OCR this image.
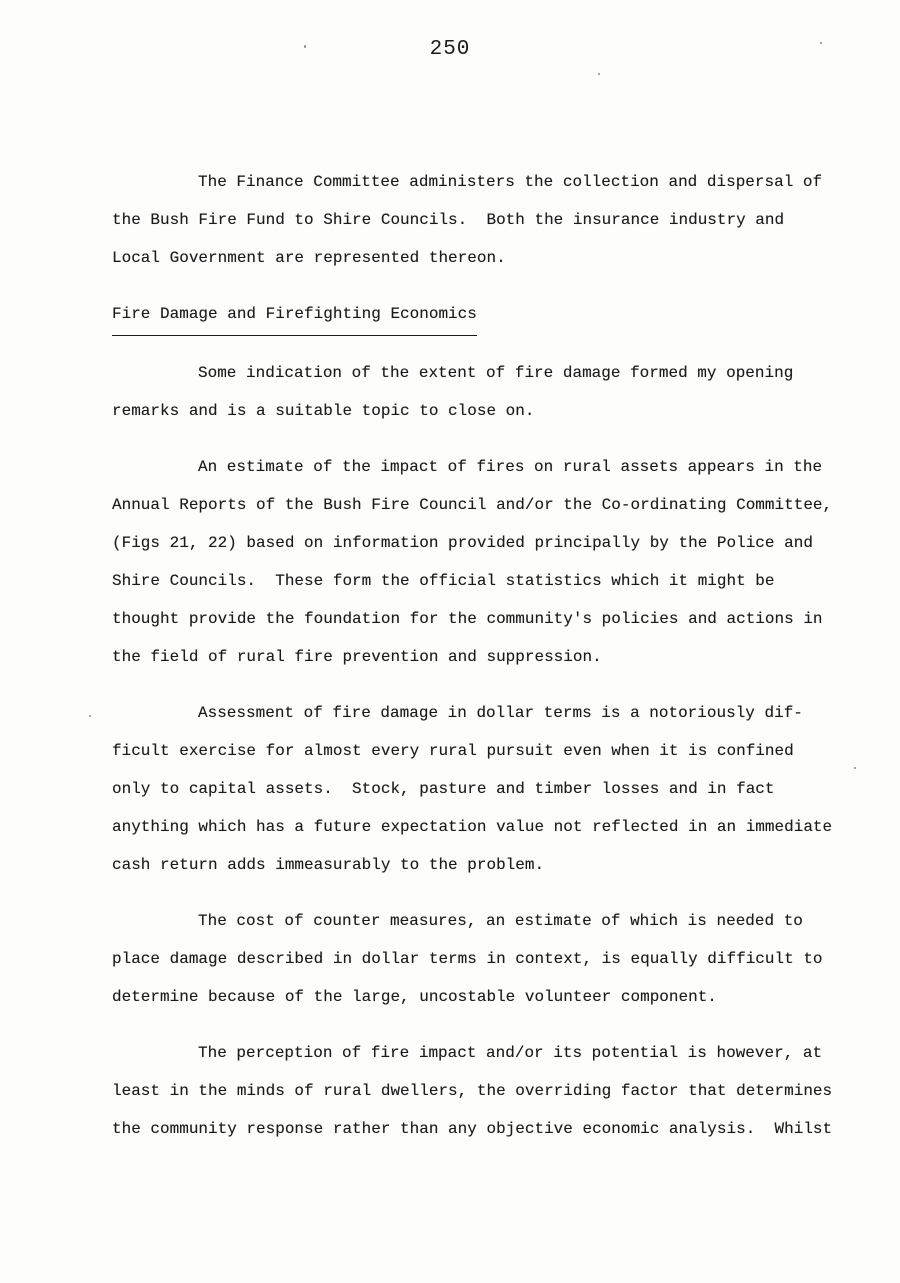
250
The Finance Committee administers the collection and dispersal of
the Bush Fire Fund to Shire Councils.  Both the insurance industry and
Local Government are represented thereon.
Fire Damage and Firefighting Economics
Some indication of the extent of fire damage formed my opening
remarks and is a suitable topic to close on.
An estimate of the impact of fires on rural assets appears in the
Annual Reports of the Bush Fire Council and/or the Co-ordinating Committee,
(Figs 21, 22) based on information provided principally by the Police and
Shire Councils.  These form the official statistics which it might be
thought provide the foundation for the community's policies and actions in
the field of rural fire prevention and suppression.
Assessment of fire damage in dollar terms is a notoriously dif-
ficult exercise for almost every rural pursuit even when it is confined
only to capital assets.  Stock, pasture and timber losses and in fact
anything which has a future expectation value not reflected in an immediate
cash return adds immeasurably to the problem.
The cost of counter measures, an estimate of which is needed to
place damage described in dollar terms in context, is equally difficult to
determine because of the large, uncostable volunteer component.
The perception of fire impact and/or its potential is however, at
least in the minds of rural dwellers, the overriding factor that determines
the community response rather than any objective economic analysis.  Whilst
